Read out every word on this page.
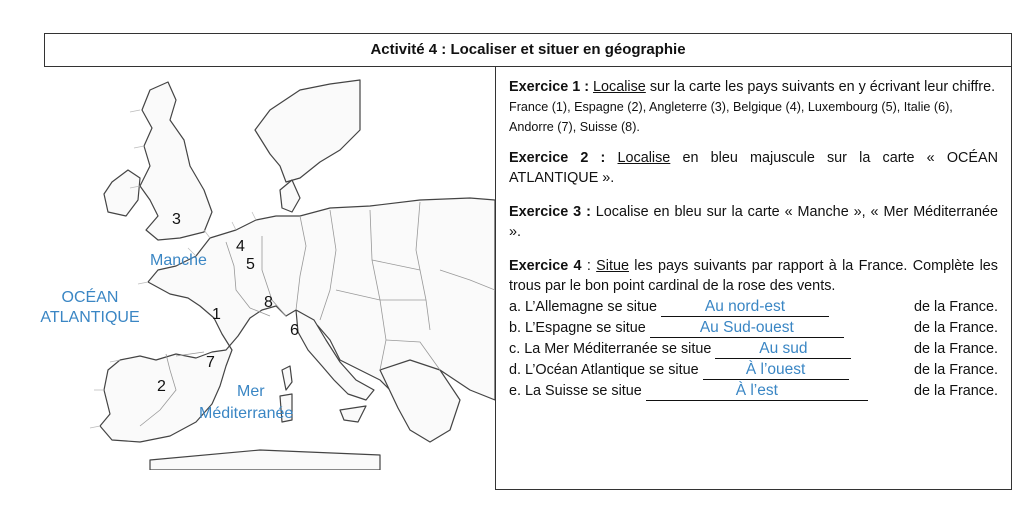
Activité 4 : Localiser et situer en géographie
3
4
5
8
1
6
7
2
Manche
OCÉAN
ATLANTIQUE
Mer
Méditerranée

Exercice 1 : Localise sur la carte les pays suivants en y écrivant leur chiffre.
France (1), Espagne (2), Angleterre (3), Belgique (4), Luxembourg (5), Italie (6), Andorre (7), Suisse (8).

Exercice 2 : Localise en bleu majuscule sur la carte « OCÉAN ATLANTIQUE ».

Exercice 3 : Localise en bleu sur la carte « Manche », « Mer Méditerranée ».

Exercice 4 : Situe les pays suivants par rapport à la France. Complète les trous par le bon point cardinal de la rose des vents.

a. L’Allemagne se situe	Au nord-est	de la France.
b. L’Espagne se situe	Au Sud-ouest	de la France.
c. La Mer Méditerranée se situe	Au sud	de la France.
d. L’Océan Atlantique se situe	À l’ouest	de la France.
e. La Suisse se situe	À l’est	de la France.
